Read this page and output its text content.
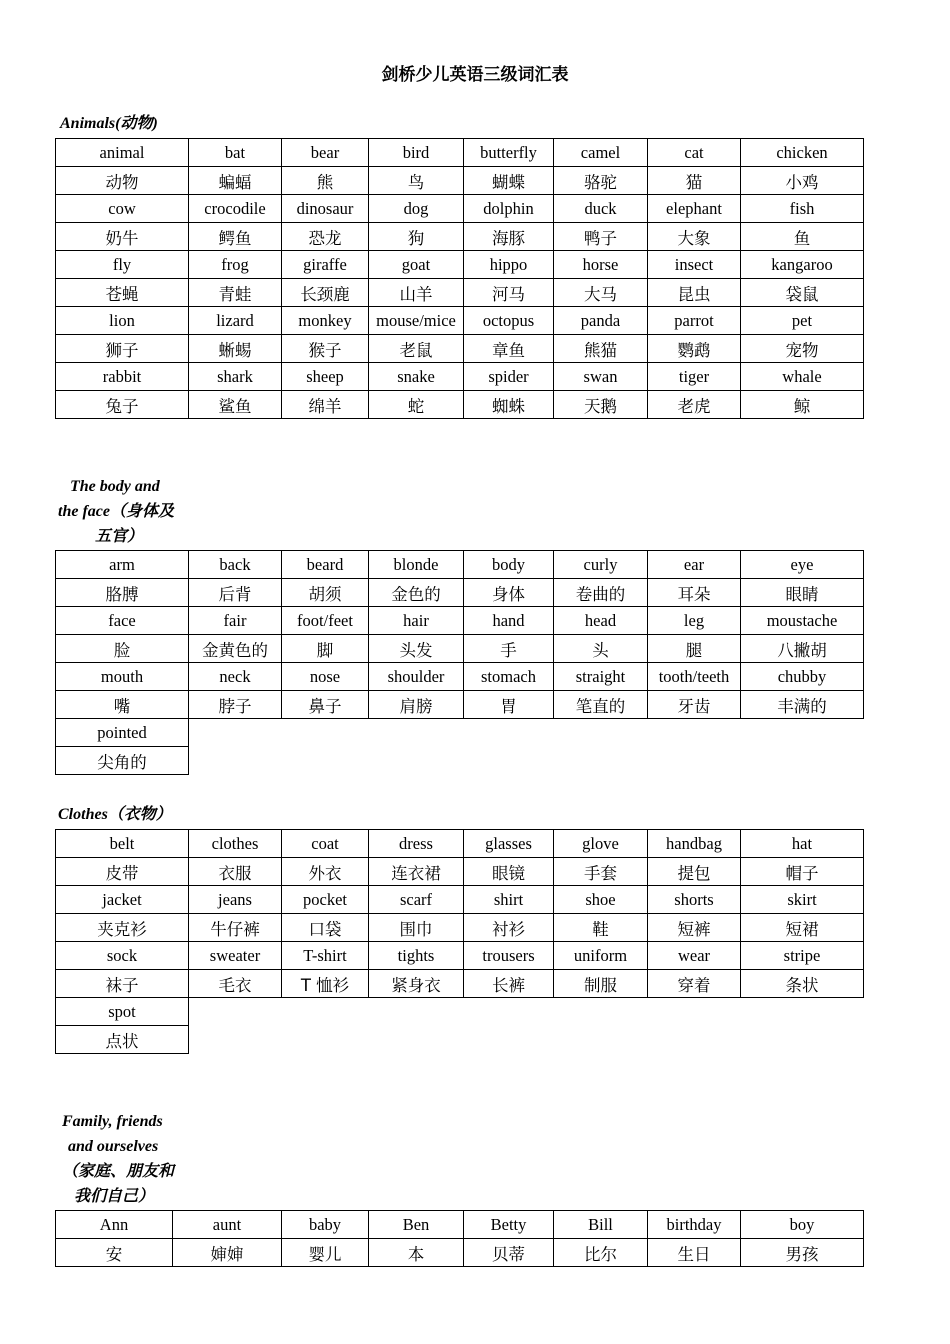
剑桥少儿英语三级词汇表
Animals(动物)
animal	bat	bear	bird	butterfly	camel	cat	chicken
动物	蝙蝠	熊	鸟	蝴蝶	骆驼	猫	小鸡
cow	crocodile	dinosaur	dog	dolphin	duck	elephant	fish
奶牛	鳄鱼	恐龙	狗	海豚	鸭子	大象	鱼
fly	frog	giraffe	goat	hippo	horse	insect	kangaroo
苍蝇	青蛙	长颈鹿	山羊	河马	大马	昆虫	袋鼠
lion	lizard	monkey	mouse/mice	octopus	panda	parrot	pet
狮子	蜥蜴	猴子	老鼠	章鱼	熊猫	鹦鹉	宠物
rabbit	shark	sheep	snake	spider	swan	tiger	whale
兔子	鲨鱼	绵羊	蛇	蜘蛛	天鹅	老虎	鲸
The body and
the face（身体及
五官）
arm	back	beard	blonde	body	curly	ear	eye
胳膊	后背	胡须	金色的	身体	卷曲的	耳朵	眼睛
face	fair	foot/feet	hair	hand	head	leg	moustache
脸	金黄色的	脚	头发	手	头	腿	八撇胡
mouth	neck	nose	shoulder	stomach	straight	tooth/teeth	chubby
嘴	脖子	鼻子	肩膀	胃	笔直的	牙齿	丰满的
pointed							
尖角的							
Clothes（衣物）
belt	clothes	coat	dress	glasses	glove	handbag	hat
皮带	衣服	外衣	连衣裙	眼镜	手套	提包	帽子
jacket	jeans	pocket	scarf	shirt	shoe	shorts	skirt
夹克衫	牛仔裤	口袋	围巾	衬衫	鞋	短裤	短裙
sock	sweater	T-shirt	tights	trousers	uniform	wear	stripe
袜子	毛衣	T 恤衫	紧身衣	长裤	制服	穿着	条状
spot							
点状							
Family, friends
and ourselves
（家庭、朋友和
我们自己）
Ann	aunt	baby	Ben	Betty	Bill	birthday	boy
安	婶婶	婴儿	本	贝蒂	比尔	生日	男孩
